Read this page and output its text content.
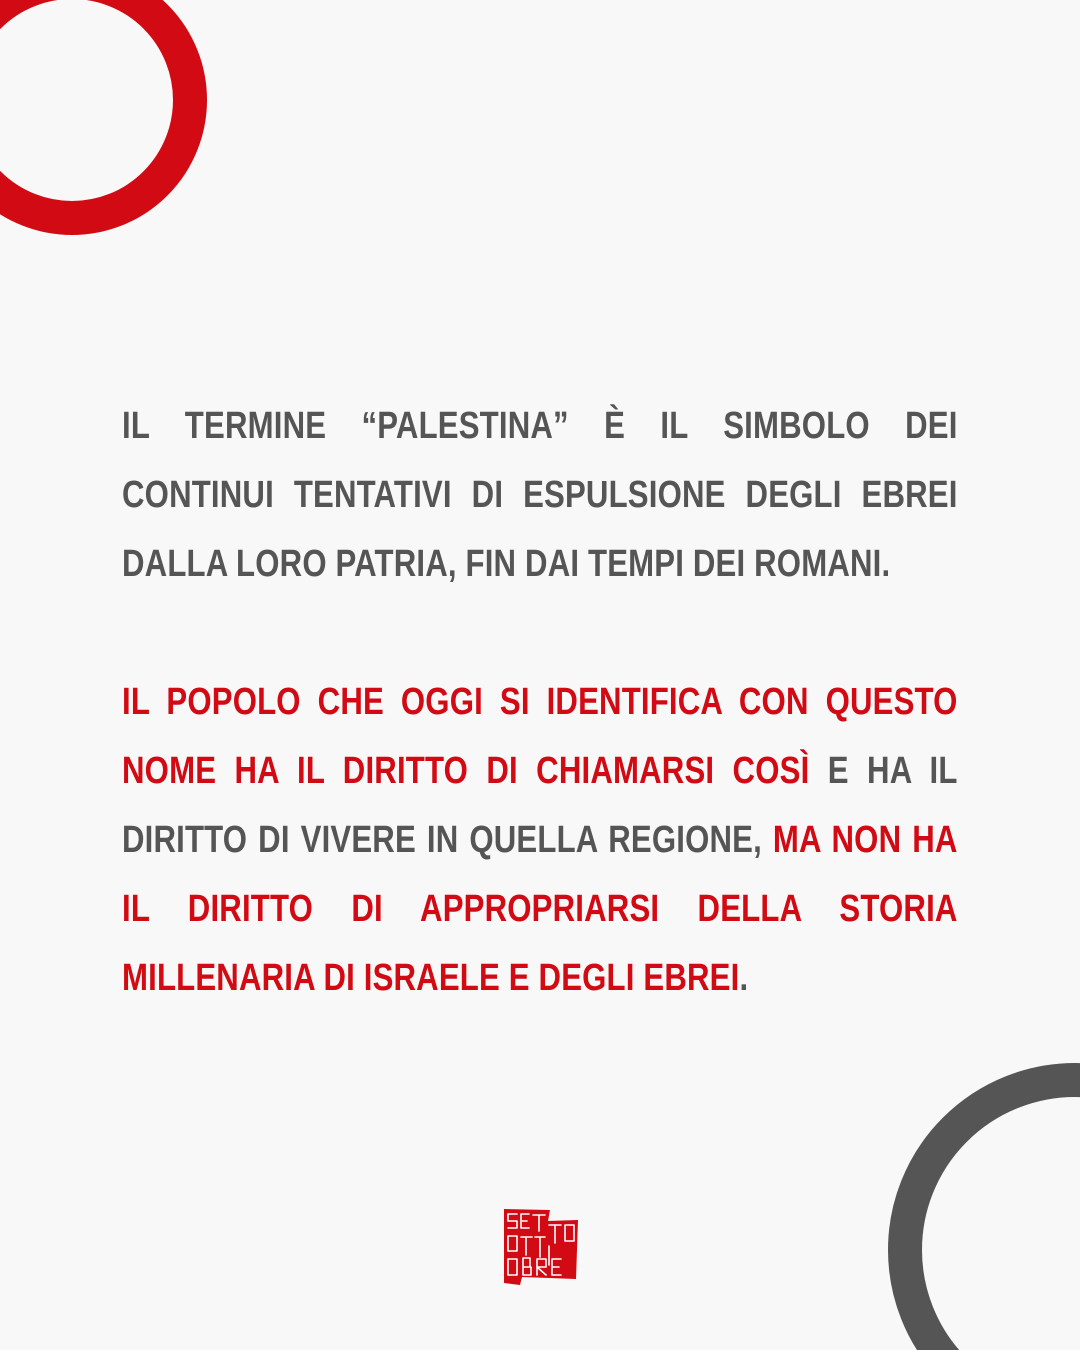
IL TERMINE “PALESTINA” È IL SIMBOLO DEI CONTINUI TENTATIVI DI ESPULSIONE DEGLI EBREI DALLA LORO PATRIA, FIN DAI TEMPI DEI ROMANI.

IL POPOLO CHE OGGI SI IDENTIFICA CON QUESTO NOME HA IL DIRITTO DI CHIAMARSI COSÌ E HA IL DIRITTO DI VIVERE IN QUELLA REGIONE, MA NON HA IL DIRITTO DI APPROPRIARSI DELLA STORIA MILLENARIA DI ISRAELE E DEGLI EBREI.
